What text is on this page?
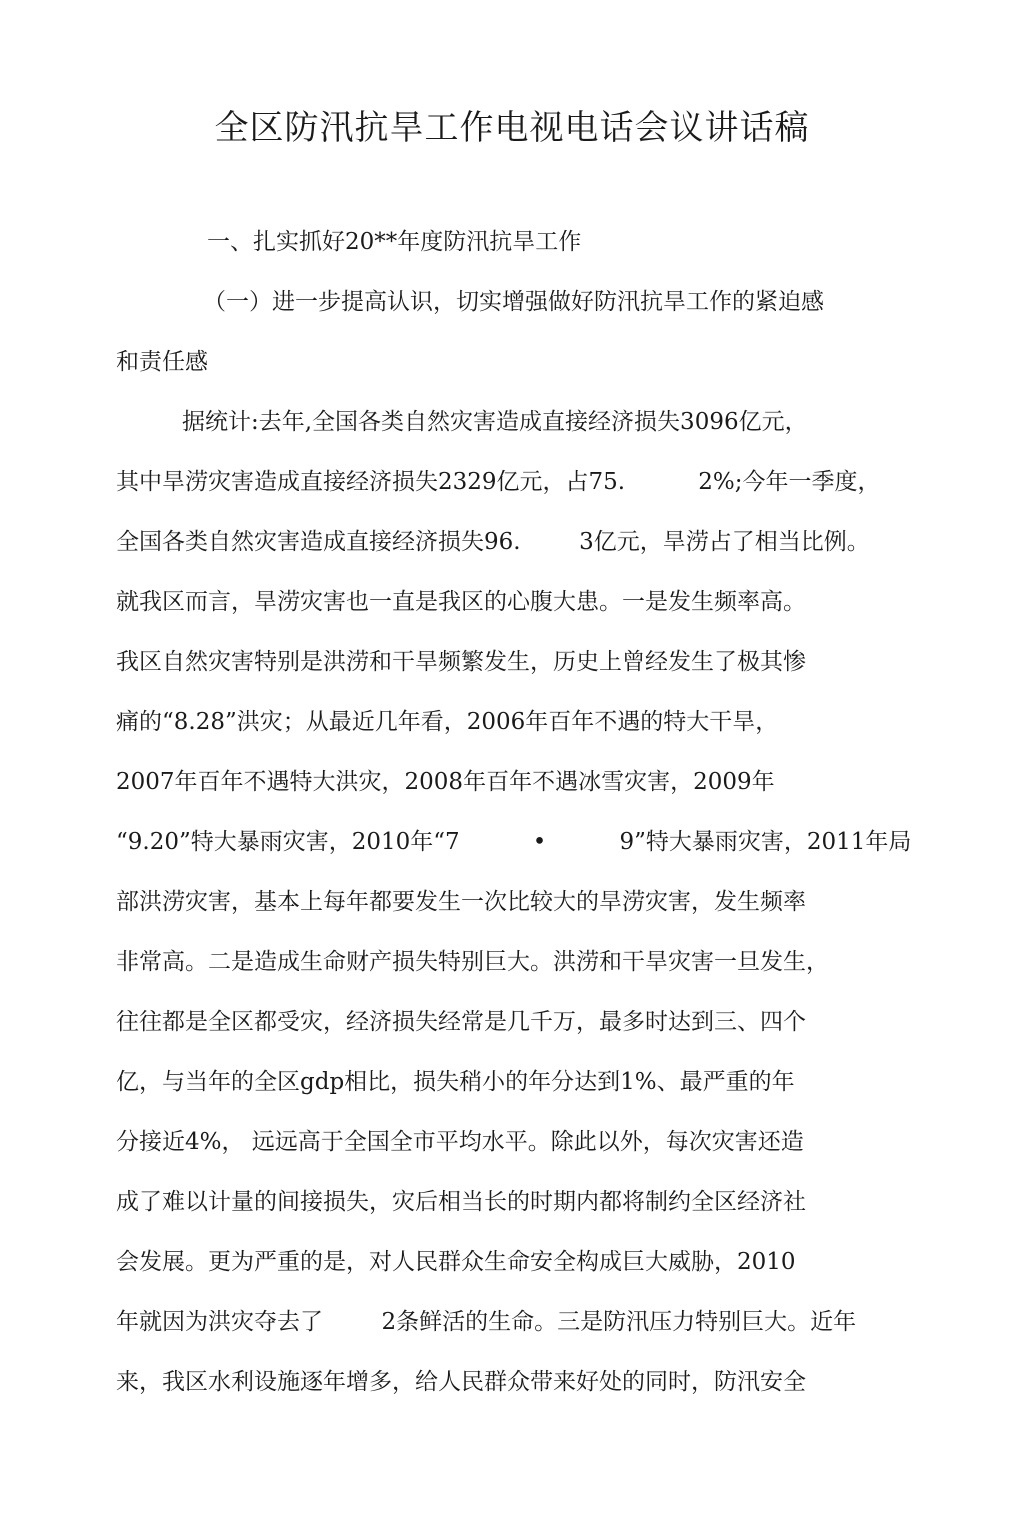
全区防汛抗旱工作电视电话会议讲话稿
一、扎实抓好20**年度防汛抗旱工作
（一）进一步提高认识，切实增强做好防汛抗旱工作的紧迫感
和责任感
据统计:去年,全国各类自然灾害造成直接经济损失3096亿元，
其中旱涝灾害造成直接经济损失2329亿元，占75.          2%;今年一季度，
全国各类自然灾害造成直接经济损失96.        3亿元，旱涝占了相当比例。
就我区而言，旱涝灾害也一直是我区的心腹大患。一是发生频率高。
我区自然灾害特别是洪涝和干旱频繁发生，历史上曾经发生了极其惨
痛的“8.28”洪灾；从最近几年看，2006年百年不遇的特大干旱，
2007年百年不遇特大洪灾，2008年百年不遇冰雪灾害，2009年
“9.20”特大暴雨灾害，2010年“7          •          9”特大暴雨灾害，2011年局
部洪涝灾害，基本上每年都要发生一次比较大的旱涝灾害，发生频率
非常高。二是造成生命财产损失特别巨大。洪涝和干旱灾害一旦发生，
往往都是全区都受灾，经济损失经常是几千万，最多时达到三、四个
亿，与当年的全区gdp相比，损失稍小的年分达到1%、最严重的年
分接近4%， 远远高于全国全市平均水平。除此以外，每次灾害还造
成了难以计量的间接损失，灾后相当长的时期内都将制约全区经济社
会发展。更为严重的是，对人民群众生命安全构成巨大威胁，2010
年就因为洪灾夺去了        2条鲜活的生命。三是防汛压力特别巨大。近年
来，我区水利设施逐年增多，给人民群众带来好处的同时，防汛安全
